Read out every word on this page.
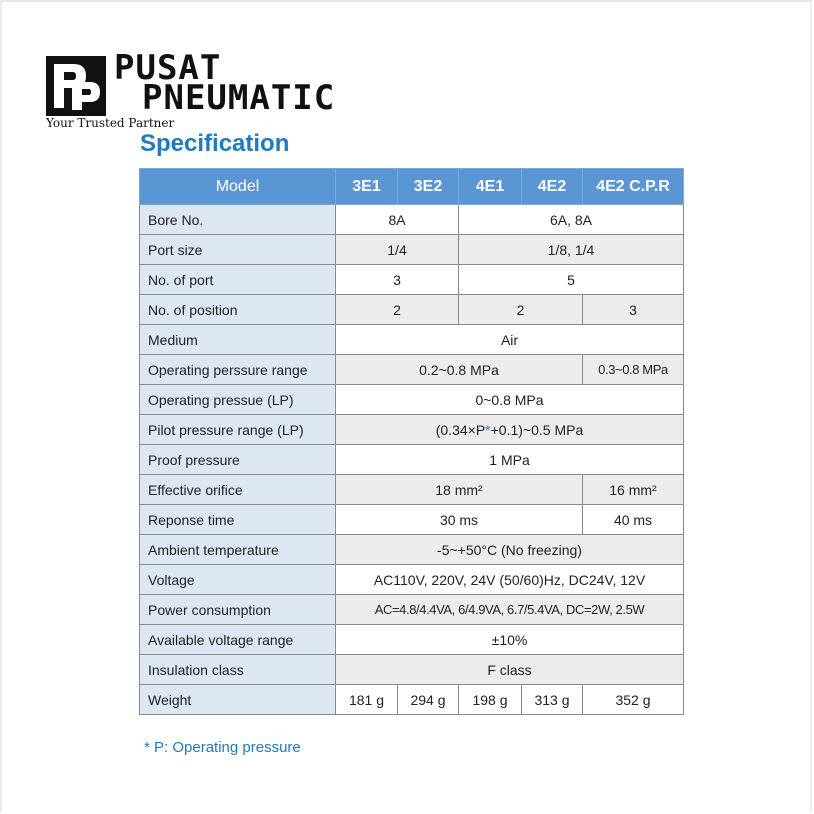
PUSAT
PNEUMATIC
Your Trusted Partner
Specification
Model	3E1	3E2	4E1	4E2	4E2 C.P.R
Bore No.	8A		6A, 8A		
Port size	1/4		1/8, 1/4		
No. of port	3		5		
No. of position	2		2		3
Medium	Air				
Operating perssure range	0.2~0.8 MPa				0.3~0.8 MPa
Operating pressue (LP)	0~0.8 MPa				
Pilot pressure range (LP)	(0.34×P*+0.1)~0.5 MPa				
Proof pressure	1 MPa				
Effective orifice	18 mm²				16 mm²
Reponse time	30 ms				40 ms
Ambient temperature	-5~+50°C (No freezing)				
Voltage	AC110V, 220V, 24V (50/60)Hz, DC24V, 12V				
Power consumption	AC=4.8/4.4VA, 6/4.9VA, 6.7/5.4VA, DC=2W, 2.5W				
Available voltage range	±10%				
Insulation class	F class				
Weight	181 g	294 g	198 g	313 g	352 g
* P: Operating pressure
